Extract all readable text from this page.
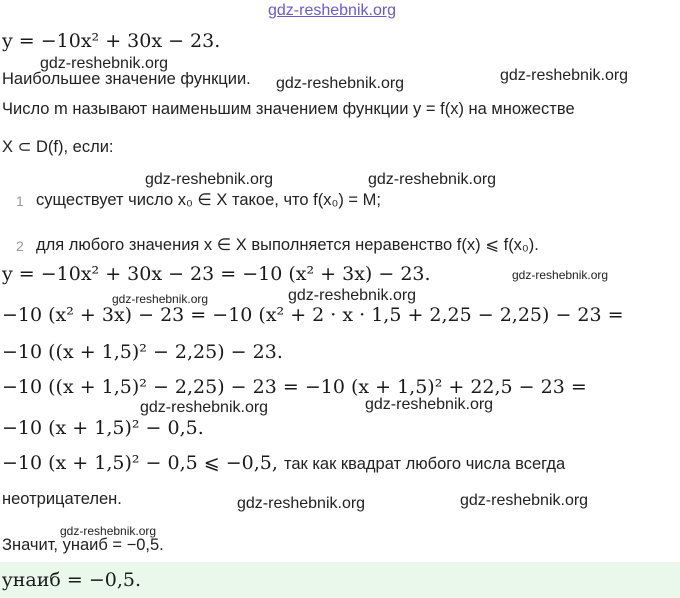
gdz-reshebnik.org
y = −10x² + 30x − 23.
gdz-reshebnik.org
Наибольшее значение функции. gdz-reshebnik.org	gdz-reshebnik.org
Число m называют наименьшим значением функции y = f(x) на множестве
X ⊂ D(f), если:
gdz-reshebnik.org	gdz-reshebnik.org
1 существует число x₀ ∈ X такое, что f(x₀) = M;
2 для любого значения x ∈ X выполняется неравенство f(x) ⩽ f(x₀).
y = −10x² + 30x − 23 = −10 (x² + 3x) − 23.	gdz-reshebnik.org
gdz-reshebnik.org	gdz-reshebnik.org
−10 (x² + 3x) − 23 = −10 (x² + 2 · x · 1,5 + 2,25 − 2,25) − 23 =
−10 ((x + 1,5)² − 2,25) − 23.
−10 ((x + 1,5)² − 2,25) − 23 = −10 (x + 1,5)² + 22,5 − 23 =
gdz-reshebnik.org	gdz-reshebnik.org
−10 (x + 1,5)² − 0,5.
−10 (x + 1,5)² − 0,5 ⩽ −0,5, так как квадрат любого числа всегда
неотрицателен.	gdz-reshebnik.org	gdz-reshebnik.org
gdz-reshebnik.org
Значит, yнаиб = −0,5.
yнаиб = −0,5.
